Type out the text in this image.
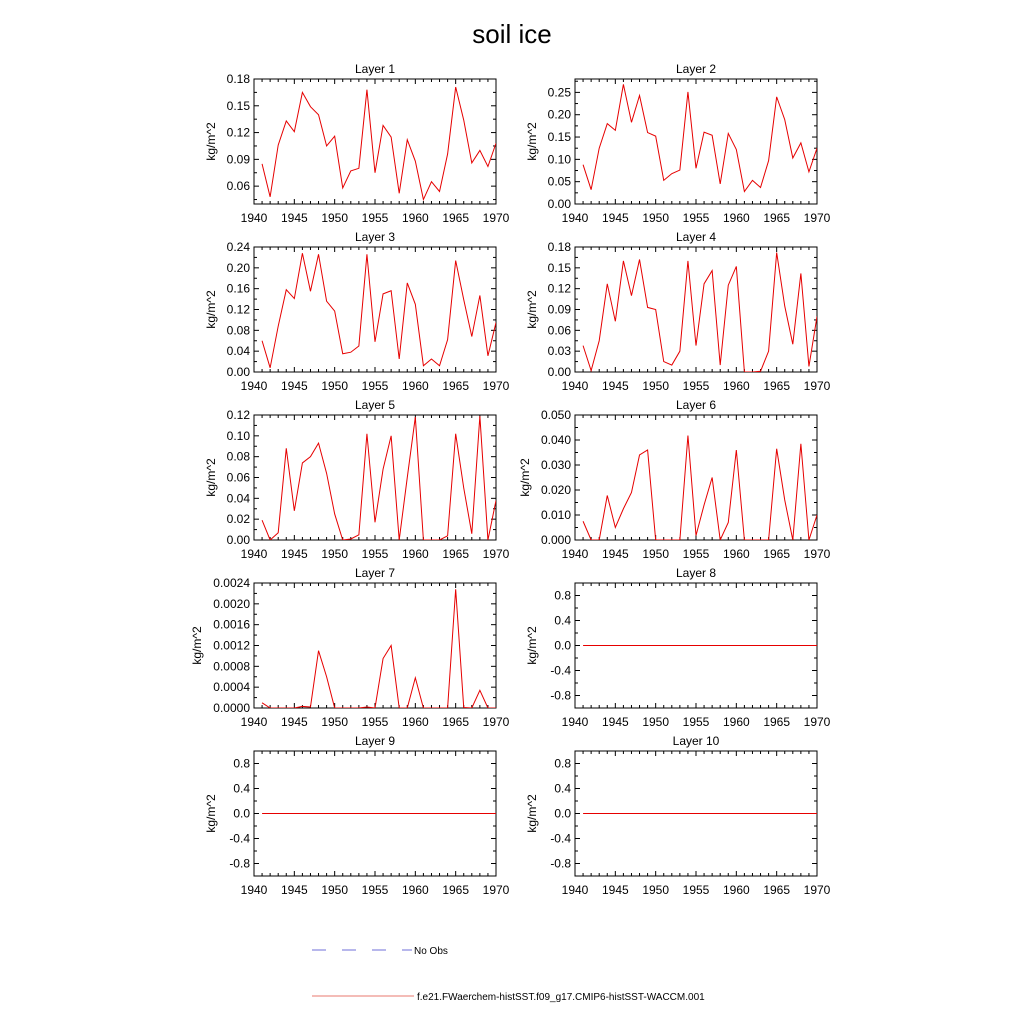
soil ice
Layer 1
1940 1945 1950 1955 1960 1965 1970
0.06
0.09
0.12
0.15
0.18
kg/m^2
Layer 2
1940 1945 1950 1955 1960 1965 1970
0.00
0.05
0.10
0.15
0.20
0.25
kg/m^2
Layer 3
1940 1945 1950 1955 1960 1965 1970
0.00
0.04
0.08
0.12
0.16
0.20
0.24
kg/m^2
Layer 4
1940 1945 1950 1955 1960 1965 1970
0.00
0.03
0.06
0.09
0.12
0.15
0.18
kg/m^2
Layer 5
1940 1945 1950 1955 1960 1965 1970
0.00
0.02
0.04
0.06
0.08
0.10
0.12
kg/m^2
Layer 6
1940 1945 1950 1955 1960 1965 1970
0.000
0.010
0.020
0.030
0.040
0.050
kg/m^2
Layer 7
1940 1945 1950 1955 1960 1965 1970
0.0000
0.0004
0.0008
0.0012
0.0016
0.0020
0.0024
kg/m^2
Layer 8
1940 1945 1950 1955 1960 1965 1970
-0.8
-0.4
0.0
0.4
0.8
kg/m^2
Layer 9
1940 1945 1950 1955 1960 1965 1970
-0.8
-0.4
0.0
0.4
0.8
kg/m^2
Layer 10
1940 1945 1950 1955 1960 1965 1970
-0.8
-0.4
0.0
0.4
0.8
kg/m^2
No Obs
f.e21.FWaerchem-histSST.f09_g17.CMIP6-histSST-WACCM.001
